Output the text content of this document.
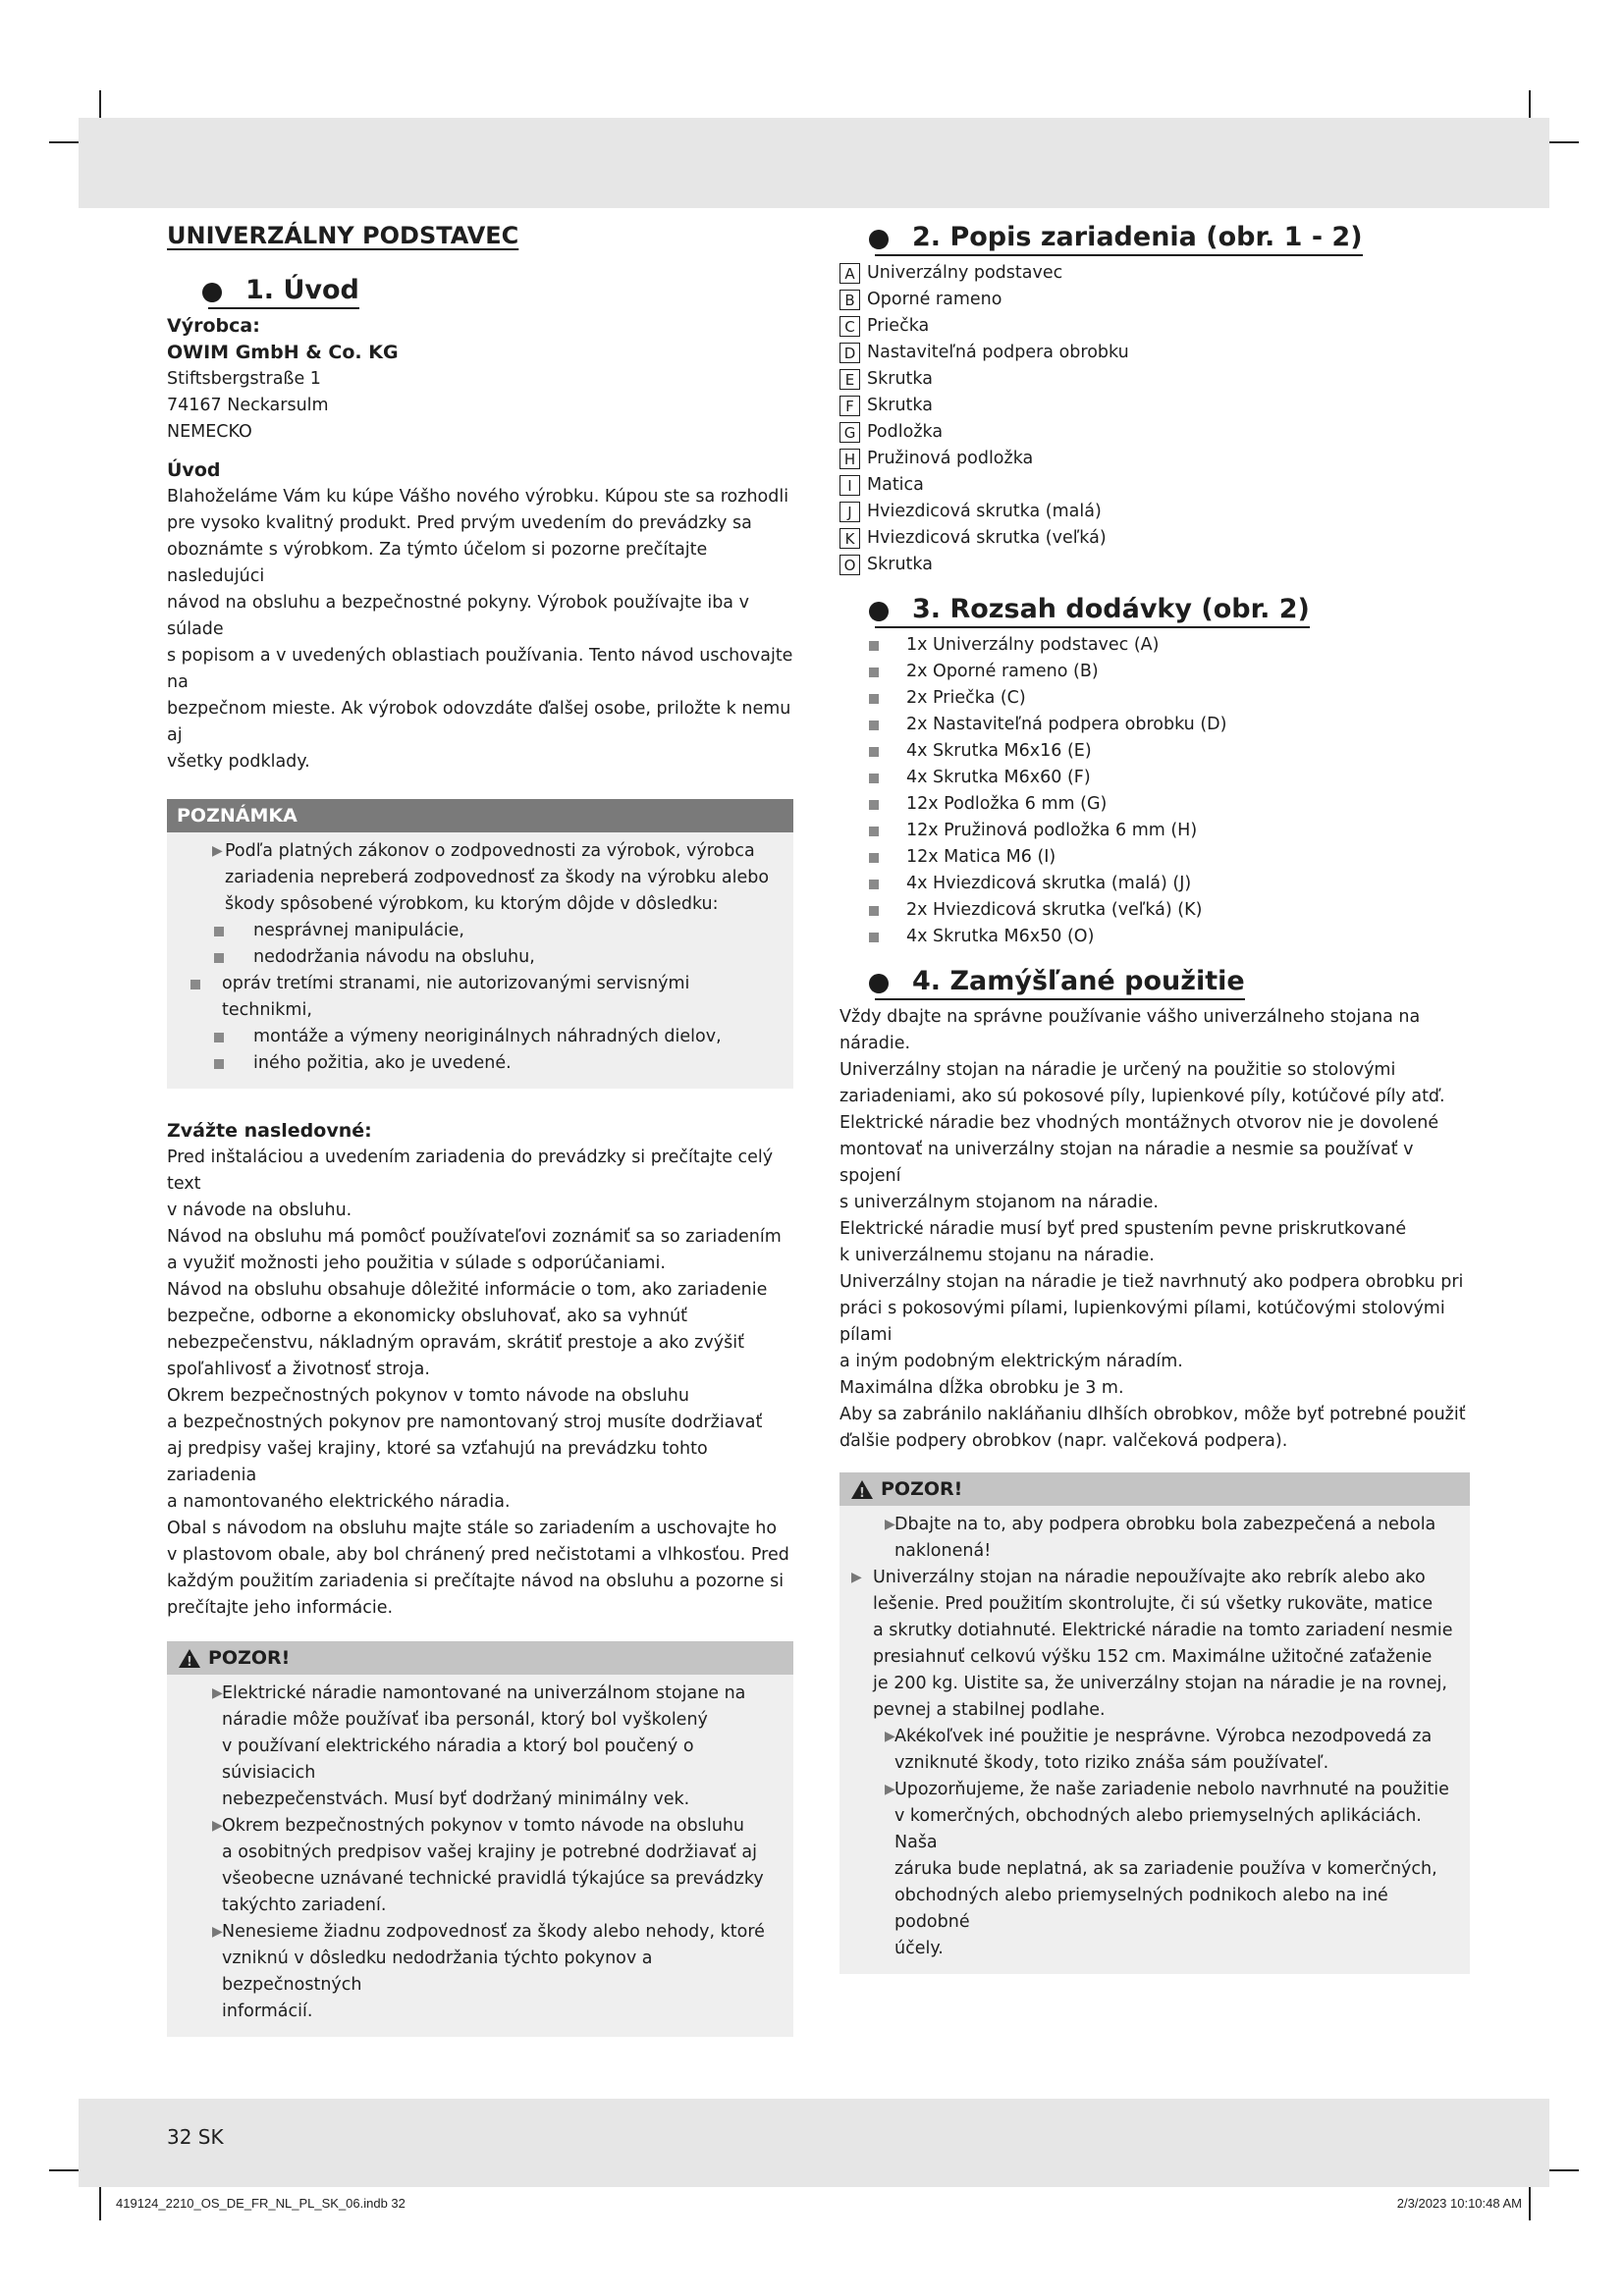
UNIVERZÁLNY PODSTAVEC
1. Úvod
Výrobca:
OWIM GmbH & Co. KG
Stiftsbergstraße 1
74167 Neckarsulm
NEMECKO
Úvod
Blahoželáme Vám ku kúpe Vášho nového výrobku. Kúpou ste sa rozhodli
pre vysoko kvalitný produkt. Pred prvým uvedením do prevádzky sa
oboznámte s výrobkom. Za týmto účelom si pozorne prečítajte nasledujúci
návod na obsluhu a bezpečnostné pokyny. Výrobok používajte iba v súlade
s popisom a v uvedených oblastiach používania. Tento návod uschovajte na
bezpečnom mieste. Ak výrobok odovzdáte ďalšej osobe, priložte k nemu aj
všetky podklady.
POZNÁMKA
▶ Podľa platných zákonov o zodpovednosti za výrobok, výrobca
zariadenia nepreberá zodpovednosť za škody na výrobku alebo
škody spôsobené výrobkom, ku ktorým dôjde v dôsledku:
nesprávnej manipulácie,
nedodržania návodu na obsluhu,
opráv tretími stranami, nie autorizovanými servisnými technikmi,
montáže a výmeny neoriginálnych náhradných dielov,
iného požitia, ako je uvedené.
Zvážte nasledovné:
Pred inštaláciou a uvedením zariadenia do prevádzky si prečítajte celý text
v návode na obsluhu.
Návod na obsluhu má pomôcť používateľovi zoznámiť sa so zariadením
a využiť možnosti jeho použitia v súlade s odporúčaniami.
Návod na obsluhu obsahuje dôležité informácie o tom, ako zariadenie
bezpečne, odborne a ekonomicky obsluhovať, ako sa vyhnúť
nebezpečenstvu, nákladným opravám, skrátiť prestoje a ako zvýšiť
spoľahlivosť a životnosť stroja.
Okrem bezpečnostných pokynov v tomto návode na obsluhu
a bezpečnostných pokynov pre namontovaný stroj musíte dodržiavať
aj predpisy vašej krajiny, ktoré sa vzťahujú na prevádzku tohto zariadenia
a namontovaného elektrického náradia.
Obal s návodom na obsluhu majte stále so zariadením a uschovajte ho
v plastovom obale, aby bol chránený pred nečistotami a vlhkosťou. Pred
každým použitím zariadenia si prečítajte návod na obsluhu a pozorne si
prečítajte jeho informácie.
!
POZOR!
▶ Elektrické náradie namontované na univerzálnom stojane na
náradie môže používať iba personál, ktorý bol vyškolený
v používaní elektrického náradia a ktorý bol poučený o súvisiacich
nebezpečenstvách. Musí byť dodržaný minimálny vek.
▶ Okrem bezpečnostných pokynov v tomto návode na obsluhu
a osobitných predpisov vašej krajiny je potrebné dodržiavať aj
všeobecne uznávané technické pravidlá týkajúce sa prevádzky
takýchto zariadení.
▶ Nenesieme žiadnu zodpovednosť za škody alebo nehody, ktoré
vzniknú v dôsledku nedodržania týchto pokynov a bezpečnostných
informácií.
2. Popis zariadenia (obr. 1 - 2)
A Univerzálny podstavec
B Oporné rameno
C Priečka
D Nastaviteľná podpera obrobku
E Skrutka
F Skrutka
G Podložka
H Pružinová podložka
I Matica
J Hviezdicová skrutka (malá)
K Hviezdicová skrutka (veľká)
O Skrutka
3. Rozsah dodávky (obr. 2)
1x Univerzálny podstavec (A)
2x Oporné rameno (B)
2x Priečka (C)
2x Nastaviteľná podpera obrobku (D)
4x Skrutka M6x16 (E)
4x Skrutka M6x60 (F)
12x Podložka 6 mm (G)
12x Pružinová podložka 6 mm (H)
12x Matica M6 (I)
4x Hviezdicová skrutka (malá) (J)
2x Hviezdicová skrutka (veľká) (K)
4x Skrutka M6x50 (O)
4. Zamýšľané použitie
Vždy dbajte na správne používanie vášho univerzálneho stojana na
náradie.
Univerzálny stojan na náradie je určený na použitie so stolovými
zariadeniami, ako sú pokosové píly, lupienkové píly, kotúčové píly atď.
Elektrické náradie bez vhodných montážnych otvorov nie je dovolené
montovať na univerzálny stojan na náradie a nesmie sa používať v spojení
s univerzálnym stojanom na náradie.
Elektrické náradie musí byť pred spustením pevne priskrutkované
k univerzálnemu stojanu na náradie.
Univerzálny stojan na náradie je tiež navrhnutý ako podpera obrobku pri
práci s pokosovými pílami, lupienkovými pílami, kotúčovými stolovými pílami
a iným podobným elektrickým náradím.
Maximálna dĺžka obrobku je 3 m.
Aby sa zabránilo nakláňaniu dlhších obrobkov, môže byť potrebné použiť
ďalšie podpery obrobkov (napr. valčeková podpera).
!
POZOR!
▶ Dbajte na to, aby podpera obrobku bola zabezpečená a nebola
naklonená!
▶ Univerzálny stojan na náradie nepoužívajte ako rebrík alebo ako
lešenie. Pred použitím skontrolujte, či sú všetky rukoväte, matice
a skrutky dotiahnuté. Elektrické náradie na tomto zariadení nesmie
presiahnuť celkovú výšku 152 cm. Maximálne užitočné zaťaženie
je 200 kg. Uistite sa, že univerzálny stojan na náradie je na rovnej,
pevnej a stabilnej podlahe.
▶ Akékoľvek iné použitie je nesprávne. Výrobca nezodpovedá za
vzniknuté škody, toto riziko znáša sám používateľ.
▶ Upozorňujeme, že naše zariadenie nebolo navrhnuté na použitie
v komerčných, obchodných alebo priemyselných aplikáciách. Naša
záruka bude neplatná, ak sa zariadenie používa v komerčných,
obchodných alebo priemyselných podnikoch alebo na iné podobné
účely.
32 SK
419124_2210_OS_DE_FR_NL_PL_SK_06.indb 32	2/3/2023 10:10:48 AM
